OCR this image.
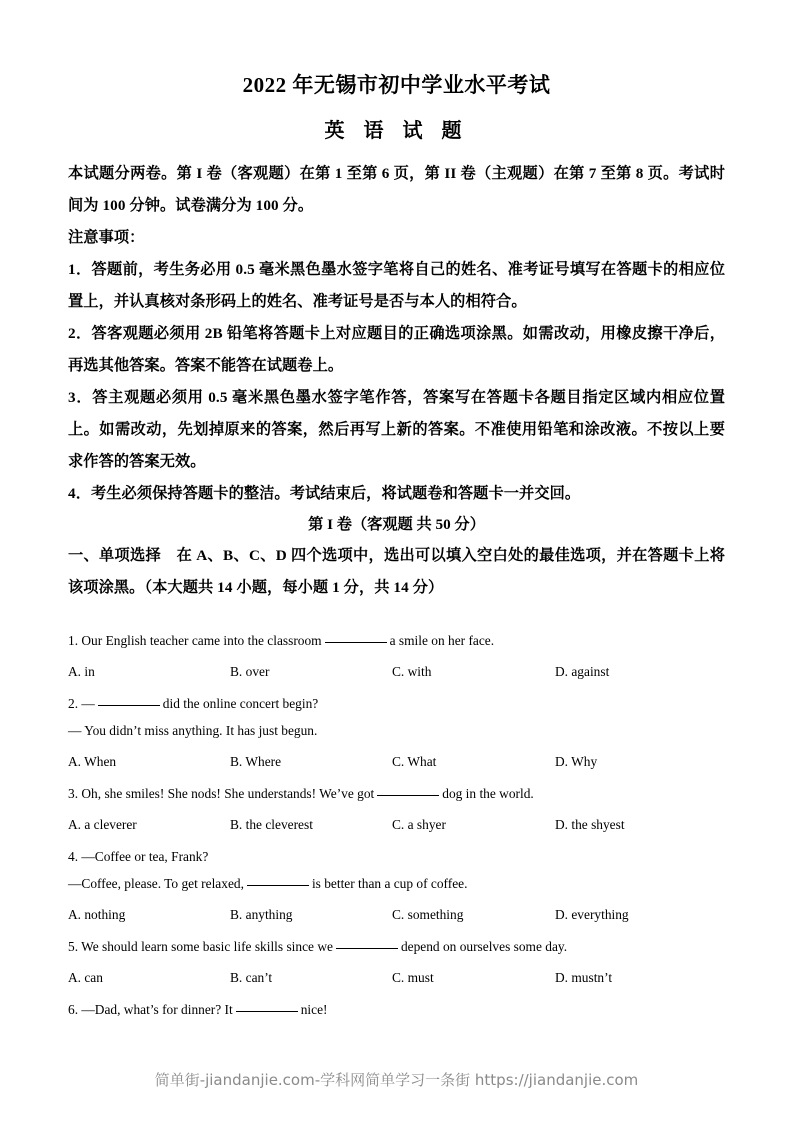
2022 年无锡市初中学业水平考试
英 语 试 题
本试题分两卷。第 I 卷（客观题）在第 1 至第 6 页，第 II 卷（主观题）在第 7 至第 8 页。考试时间为 100 分钟。试卷满分为 100 分。
注意事项：
1．答题前，考生务必用 0.5 毫米黑色墨水签字笔将自己的姓名、准考证号填写在答题卡的相应位置上，并认真核对条形码上的姓名、准考证号是否与本人的相符合。
2．答客观题必须用 2B 铅笔将答题卡上对应题目的正确选项涂黑。如需改动，用橡皮擦干净后，再选其他答案。答案不能答在试题卷上。
3．答主观题必须用 0.5 毫米黑色墨水签字笔作答，答案写在答题卡各题目指定区域内相应位置上。如需改动，先划掉原来的答案，然后再写上新的答案。不准使用铅笔和涂改液。不按以上要求作答的答案无效。
4．考生必须保持答题卡的整洁。考试结束后，将试题卷和答题卡一并交回。
第 I 卷（客观题 共 50 分）
一、单项选择　在 A、B、C、D 四个选项中，选出可以填入空白处的最佳选项，并在答题卡上将该项涂黑。（本大题共 14 小题，每小题 1 分，共 14 分）
1. Our English teacher came into the classroom	a smile on her face.
A. in	B. over	C. with	D. against
2. —	did the online concert begin?
— You didn’t miss anything. It has just begun.
A. When	B. Where	C. What	D. Why
3. Oh, she smiles! She nods! She understands! We’ve got	dog in the world.
A. a cleverer	B. the cleverest	C. a shyer	D. the shyest
4. —Coffee or tea, Frank?
—Coffee, please. To get relaxed,	is better than a cup of coffee.
A. nothing	B. anything	C. something	D. everything
5. We should learn some basic life skills since we	depend on ourselves some day.
A. can	B. can’t	C. must	D. mustn’t
6. —Dad, what’s for dinner? It	nice!
简单街-jiandanjie.com-学科网简单学习一条街 https://jiandanjie.com
